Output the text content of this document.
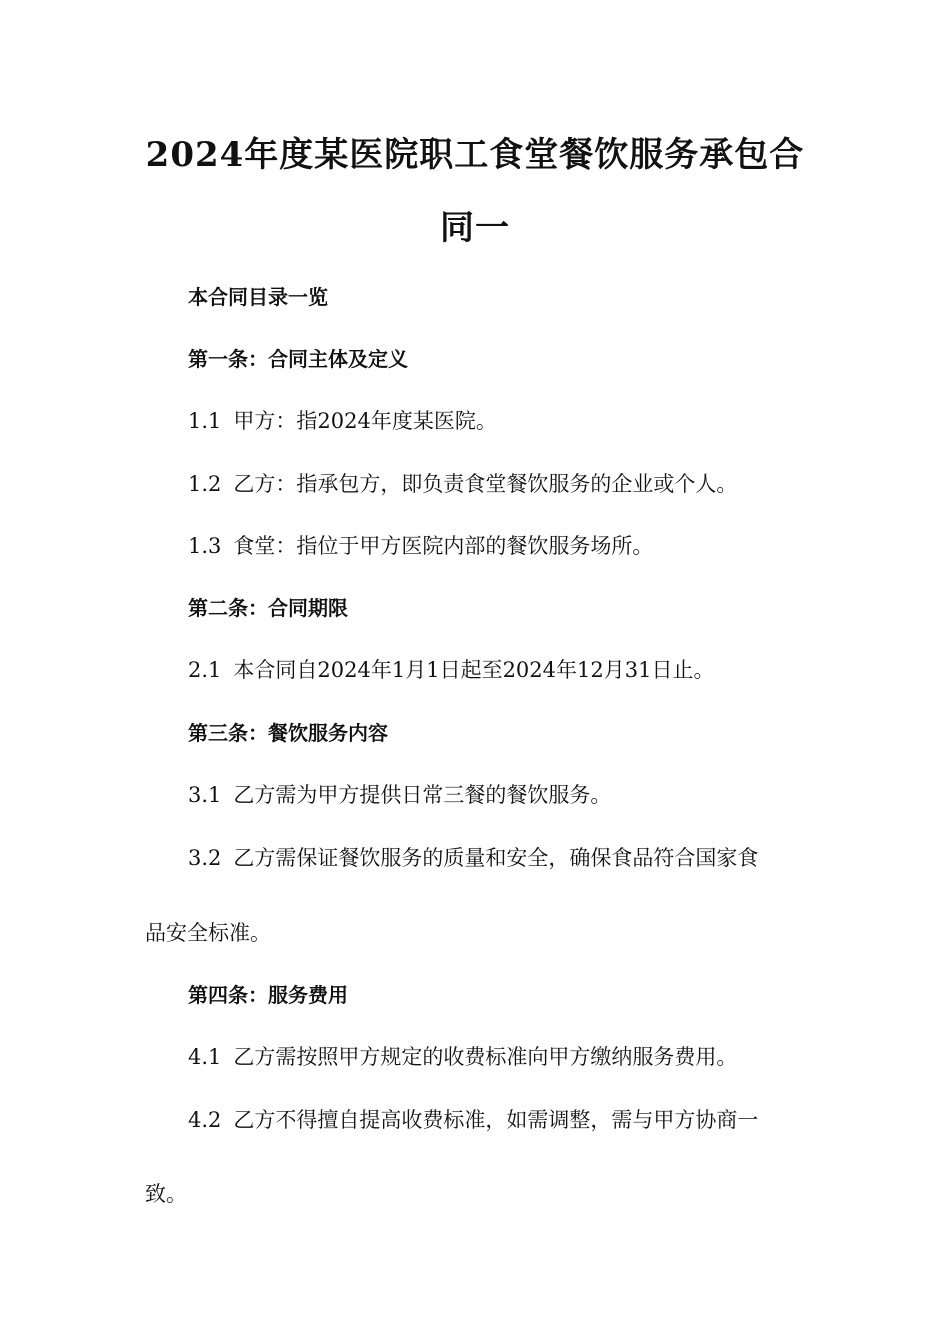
2024年度某医院职工食堂餐饮服务承包合
同一
本合同目录一览
第一条：合同主体及定义
1.1 甲方：指2024年度某医院。
1.2 乙方：指承包方，即负责食堂餐饮服务的企业或个人。
1.3 食堂：指位于甲方医院内部的餐饮服务场所。
第二条：合同期限
2.1 本合同自2024年1月1日起至2024年12月31日止。
第三条：餐饮服务内容
3.1 乙方需为甲方提供日常三餐的餐饮服务。
3.2 乙方需保证餐饮服务的质量和安全，确保食品符合国家食
品安全标准。
第四条：服务费用
4.1 乙方需按照甲方规定的收费标准向甲方缴纳服务费用。
4.2 乙方不得擅自提高收费标准，如需调整，需与甲方协商一
致。
